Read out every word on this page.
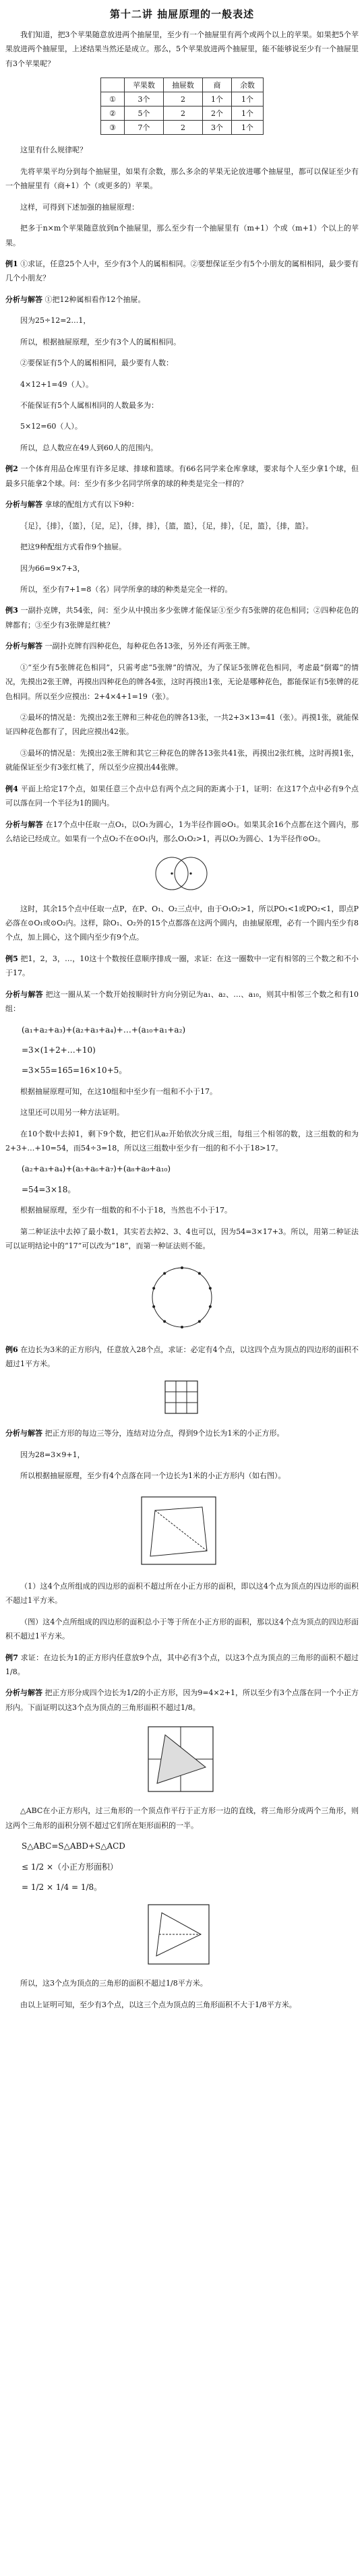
第十二讲 抽屉原理的一般表述

我们知道，把3个苹果随意放进两个抽屉里，至少有一个抽屉里有两个或两个以上的苹果。如果把5个苹果放进两个抽屉里，上述结果当然还是成立。那么，5个苹果放进两个抽屉里，能不能够说至少有一个抽屉里有3个苹果呢？

	苹果数	抽屉数	商	余数
①	3个	2	1个	1个
②	5个	2	2个	1个
③	7个	2	3个	1个

这里有什么规律呢？

先将苹果平均分到每个抽屉里，如果有余数，那么多余的苹果无论放进哪个抽屉里，都可以保证至少有一个抽屉里有（商+1）个（或更多的）苹果。

这样，可得到下述加强的抽屉原理：

把多于n×m个苹果随意放到n个抽屉里，那么至少有一个抽屉里有（m+1）个或（m+1）个以上的苹果。

例1 ①求证，任意25个人中，至少有3个人的属相相同。②要想保证至少有5个小朋友的属相相同，最少要有几个小朋友？

分析与解答 ①把12种属相看作12个抽屉。

因为25÷12=2…1，

所以，根据抽屉原理，至少有3个人的属相相同。

②要保证有5个人的属相相同，最少要有人数：

4×12+1=49（人）。

不能保证有5个人属相相同的人数最多为：

5×12=60（人）。

所以，总人数应在49人到60人的范围内。

例2 一个体育用品仓库里有许多足球、排球和篮球。有66名同学来仓库拿球，要求每个人至少拿1个球，但最多只能拿2个球。问：至少有多少名同学所拿的球的种类是完全一样的？

分析与解答 拿球的配组方式有以下9种：

｛足｝，｛排｝，｛篮｝，｛足，足｝，｛排，排｝，｛篮，篮｝，｛足，排｝，｛足，篮｝，｛排，篮｝。

把这9种配组方式看作9个抽屉。

因为66=9×7+3，

所以，至少有7+1=8（名）同学所拿的球的种类是完全一样的。

例3 一副扑克牌，共54张，问：至少从中摸出多少张牌才能保证①至少有5张牌的花色相同；②四种花色的牌都有；③至少有3张牌是红桃？

分析与解答 一副扑克牌有四种花色，每种花色各13张，另外还有两张王牌。

①“至少有5张牌花色相同”，只需考虑“5张牌”的情况，为了保证5张牌花色相同，考虑最“倒霉”的情况，先摸出2张王牌，再摸出四种花色的牌各4张，这时再摸出1张，无论是哪种花色，都能保证有5张牌的花色相同。所以至少应摸出：2+4×4+1=19（张）。

②最坏的情况是：先摸出2张王牌和三种花色的牌各13张，一共2+3×13=41（张）。再摸1张，就能保证四种花色都有了，因此应摸出42张。

③最坏的情况是：先摸出2张王牌和其它三种花色的牌各13张共41张，再摸出2张红桃，这时再摸1张，就能保证至少有3张红桃了，所以至少应摸出44张牌。

例4 平面上给定17个点，如果任意三个点中总有两个点之间的距离小于1，证明：在这17个点中必有9个点可以落在同一个半径为1的圆内。

分析与解答 在17个点中任取一点O₁，以O₁为圆心，1为半径作圆⊙O₁。如果其余16个点都在这个圆内，那么结论已经成立。如果有一个点O₂不在⊙O₁内，那么O₁O₂>1，再以O₂为圆心、1为半径作⊙O₂。

这时，其余15个点中任取一点P，在P、O₁、O₂三点中，由于O₁O₂>1，所以PO₁<1或PO₂<1，即点P必落在⊙O₁或⊙O₂内。这样，除O₁、O₂外的15个点都落在这两个圆内，由抽屉原理，必有一个圆内至少有8个点，加上圆心，这个圆内至少有9个点。

例5 把1，2，3，…，10这十个数按任意顺序排成一圈，求证：在这一圈数中一定有相邻的三个数之和不小于17。

分析与解答 把这一圈从某一个数开始按顺时针方向分别记为a₁、a₂、…、a₁₀，则其中相邻三个数之和有10组：

(a₁+a₂+a₃)+(a₂+a₃+a₄)+…+(a₁₀+a₁+a₂)
=3×(1+2+…+10)
=3×55=165=16×10+5。

根据抽屉原理可知，在这10组和中至少有一组和不小于17。

这里还可以用另一种方法证明。

在10个数中去掉1，剩下9个数，把它们从a₂开始依次分成三组，每组三个相邻的数，这三组数的和为2+3+…+10=54，而54÷3=18，所以这三组数中至少有一组的和不小于18>17。

(a₂+a₃+a₄)+(a₅+a₆+a₇)+(a₈+a₉+a₁₀)
=54=3×18。

根据抽屉原理，至少有一组数的和不小于18，当然也不小于17。

第二种证法中去掉了最小数1，其实若去掉2、3、4也可以，因为54=3×17+3。所以，用第二种证法可以证明结论中的“17”可以改为“18”，而第一种证法则不能。

例6 在边长为3米的正方形内，任意放入28个点，求证：必定有4个点，以这四个点为顶点的四边形的面积不超过1平方米。

分析与解答 把正方形的每边三等分，连结对边分点，得到9个边长为1米的小正方形。

因为28=3×9+1，

所以根据抽屉原理，至少有4个点落在同一个边长为1米的小正方形内（如右图）。

（1）这4个点所组成的四边形的面积不超过所在小正方形的面积，即以这4个点为顶点的四边形的面积不超过1平方米。

（图）这4个点所组成的四边形的面积总小于等于所在小正方形的面积，那以这4个点为顶点的四边形面积不超过1平方米。

例7 求证：在边长为1的正方形内任意放9个点，其中必有3个点，以这3个点为顶点的三角形的面积不超过1/8。

分析与解答 把正方形分成四个边长为1/2的小正方形，因为9=4×2+1，所以至少有3个点落在同一个小正方形内。下面证明以这3个点为顶点的三角形面积不超过1/8。

△ABC在小正方形内，过三角形的一个顶点作平行于正方形一边的直线，将三角形分成两个三角形，则这两个三角形的面积分别不超过它们所在矩形面积的一半。

S△ABC=S△ABD+S△ACD
≤ 1/2 ×（小正方形面积）
= 1/2 × 1/4 = 1/8。

所以，这3个点为顶点的三角形的面积不超过1/8平方米。

由以上证明可知，至少有3个点，以这三个点为顶点的三角形面积不大于1/8平方米。
